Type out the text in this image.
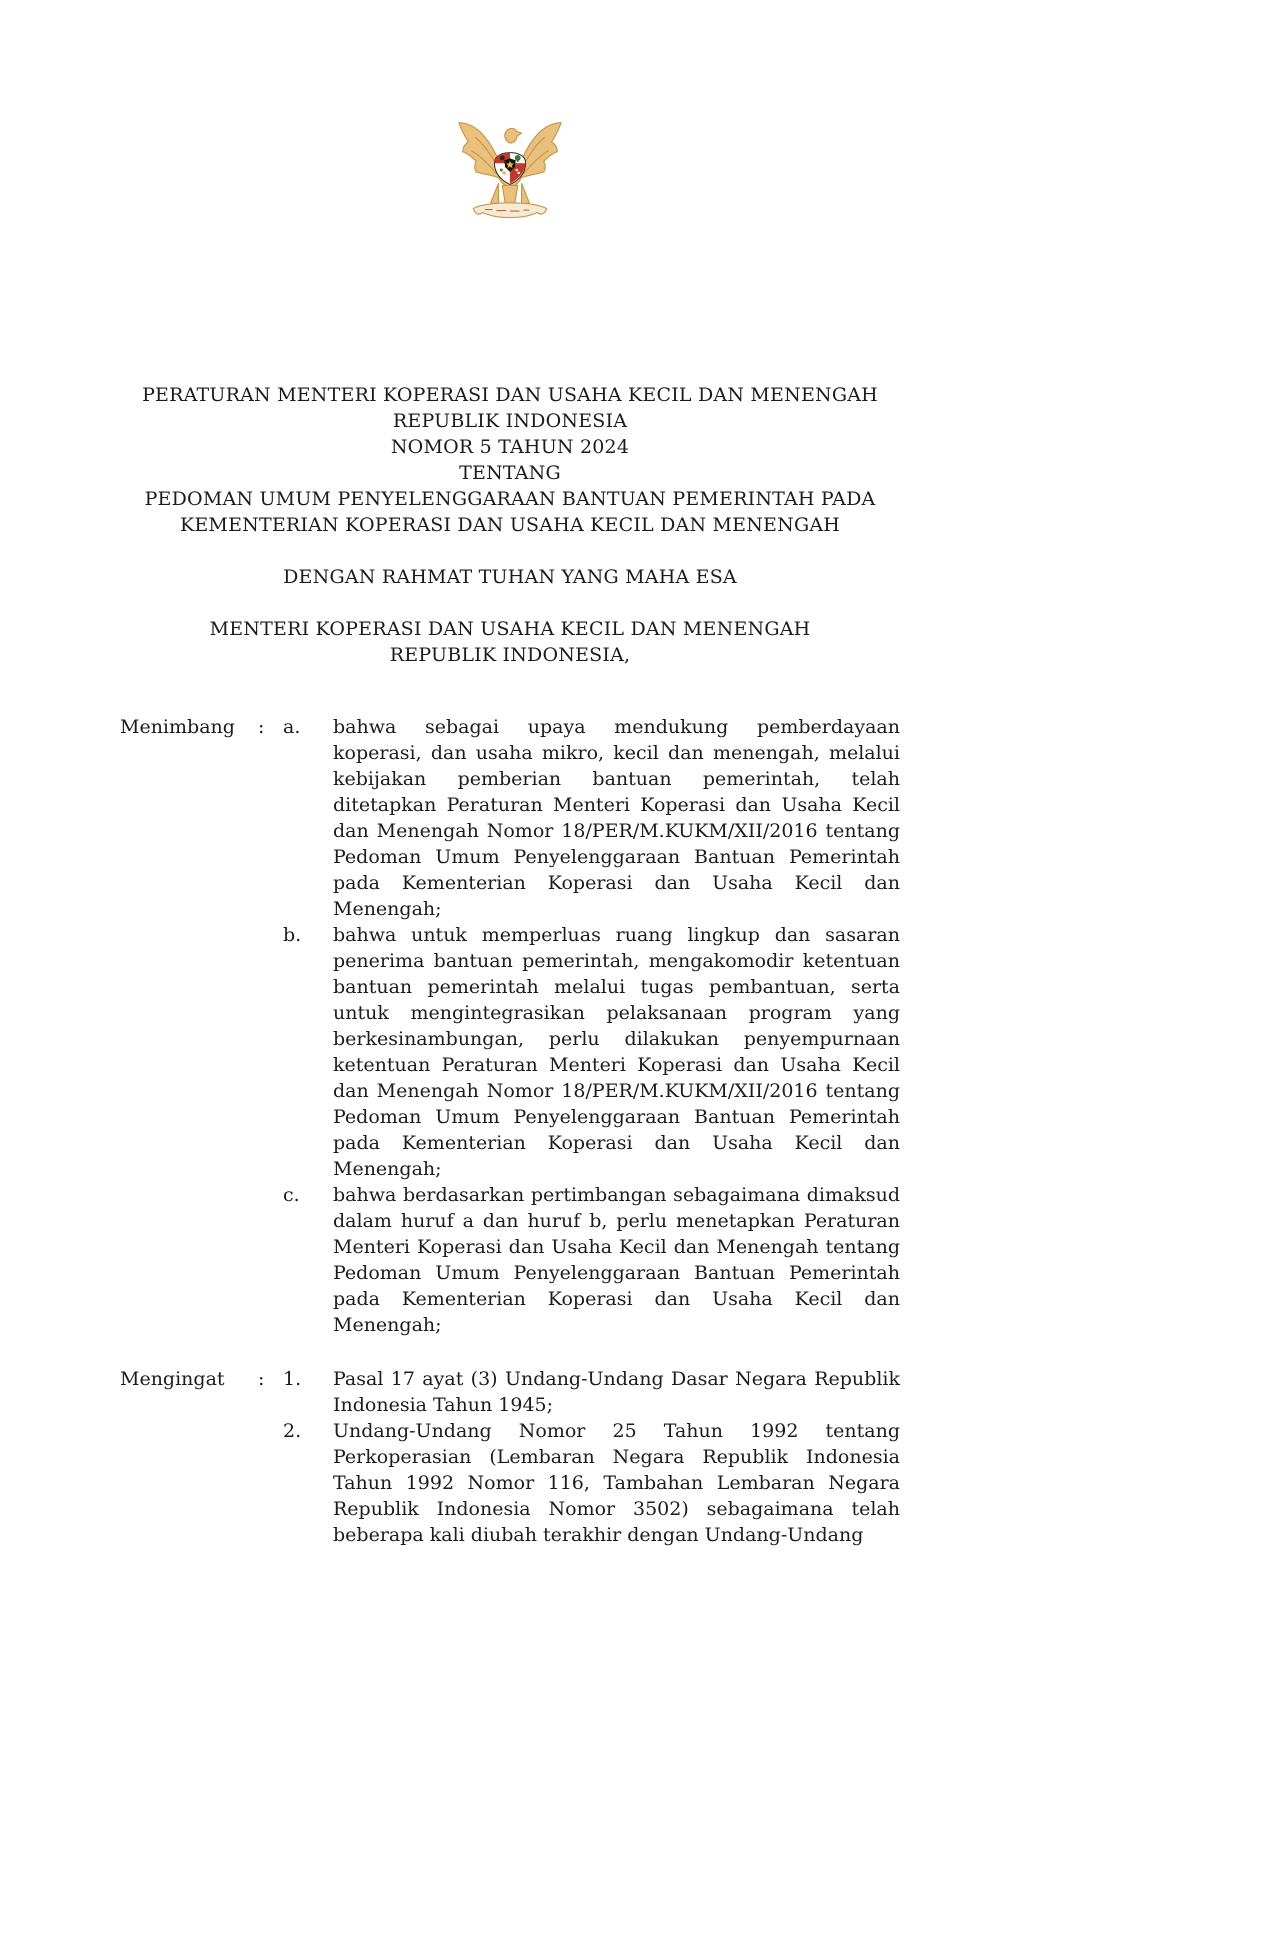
PERATURAN MENTERI KOPERASI DAN USAHA KECIL DAN MENENGAH
REPUBLIK INDONESIA
NOMOR 5 TAHUN 2024
TENTANG
PEDOMAN UMUM PENYELENGGARAAN BANTUAN PEMERINTAH PADA
KEMENTERIAN KOPERASI DAN USAHA KECIL DAN MENENGAH
DENGAN RAHMAT TUHAN YANG MAHA ESA
MENTERI KOPERASI DAN USAHA KECIL DAN MENENGAH
REPUBLIK INDONESIA,
Menimbang	: a.	bahwa sebagai upaya mendukung pemberdayaan koperasi, dan usaha mikro, kecil dan menengah, melalui kebijakan pemberian bantuan pemerintah, telah ditetapkan Peraturan Menteri Koperasi dan Usaha Kecil dan Menengah Nomor 18/PER/M.KUKM/XII/2016 tentang Pedoman Umum Penyelenggaraan Bantuan Pemerintah pada Kementerian Koperasi dan Usaha Kecil dan Menengah;
b.	bahwa untuk memperluas ruang lingkup dan sasaran penerima bantuan pemerintah, mengakomodir ketentuan bantuan pemerintah melalui tugas pembantuan, serta untuk mengintegrasikan pelaksanaan program yang berkesinambungan, perlu dilakukan penyempurnaan ketentuan Peraturan Menteri Koperasi dan Usaha Kecil dan Menengah Nomor 18/PER/M.KUKM/XII/2016 tentang Pedoman Umum Penyelenggaraan Bantuan Pemerintah pada Kementerian Koperasi dan Usaha Kecil dan Menengah;
c.	bahwa berdasarkan pertimbangan sebagaimana dimaksud dalam huruf a dan huruf b, perlu menetapkan Peraturan Menteri Koperasi dan Usaha Kecil dan Menengah tentang Pedoman Umum Penyelenggaraan Bantuan Pemerintah pada Kementerian Koperasi dan Usaha Kecil dan Menengah;
Mengingat	: 1.	Pasal 17 ayat (3) Undang-Undang Dasar Negara Republik Indonesia Tahun 1945;
2.	Undang-Undang Nomor 25 Tahun 1992 tentang Perkoperasian (Lembaran Negara Republik Indonesia Tahun 1992 Nomor 116, Tambahan Lembaran Negara Republik Indonesia Nomor 3502) sebagaimana telah beberapa kali diubah terakhir dengan Undang-Undang
